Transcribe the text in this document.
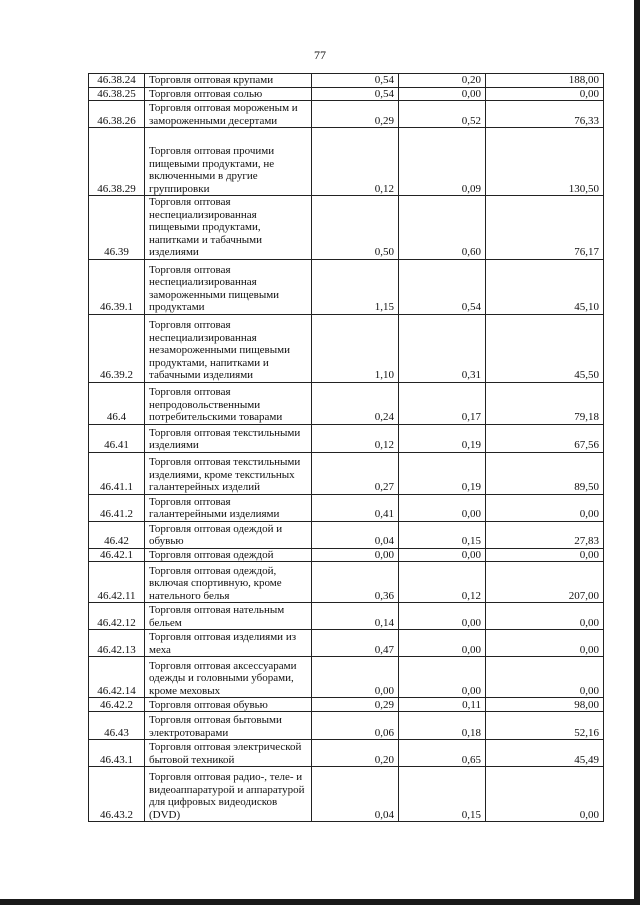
77
46.38.24	Торговля оптовая крупами	0,54	0,20	188,00
46.38.25	Торговля оптовая солью	0,54	0,00	0,00
46.38.26	Торговля оптовая мороженым и замороженными десертами	0,29	0,52	76,33
46.38.29	Торговля оптовая прочими пищевыми продуктами, не включенными в другие группировки	0,12	0,09	130,50
46.39	Торговля оптовая неспециализированная пищевыми продуктами, напитками и табачными изделиями	0,50	0,60	76,17
46.39.1	Торговля оптовая неспециализированная замороженными пищевыми продуктами	1,15	0,54	45,10
46.39.2	Торговля оптовая неспециализированная незамороженными пищевыми продуктами, напитками и табачными изделиями	1,10	0,31	45,50
46.4	Торговля оптовая непродовольственными потребительскими товарами	0,24	0,17	79,18
46.41	Торговля оптовая текстильными изделиями	0,12	0,19	67,56
46.41.1	Торговля оптовая текстильными изделиями, кроме текстильных галантерейных изделий	0,27	0,19	89,50
46.41.2	Торговля оптовая галантерейными изделиями	0,41	0,00	0,00
46.42	Торговля оптовая одеждой и обувью	0,04	0,15	27,83
46.42.1	Торговля оптовая одеждой	0,00	0,00	0,00
46.42.11	Торговля оптовая одеждой, включая спортивную, кроме нательного белья	0,36	0,12	207,00
46.42.12	Торговля оптовая нательным бельем	0,14	0,00	0,00
46.42.13	Торговля оптовая изделиями из меха	0,47	0,00	0,00
46.42.14	Торговля оптовая аксессуарами одежды и головными уборами, кроме меховых	0,00	0,00	0,00
46.42.2	Торговля оптовая обувью	0,29	0,11	98,00
46.43	Торговля оптовая бытовыми электротоварами	0,06	0,18	52,16
46.43.1	Торговля оптовая электрической бытовой техникой	0,20	0,65	45,49
46.43.2	Торговля оптовая радио-, теле- и видеоаппаратурой и аппаратурой для цифровых видеодисков (DVD)	0,04	0,15	0,00
